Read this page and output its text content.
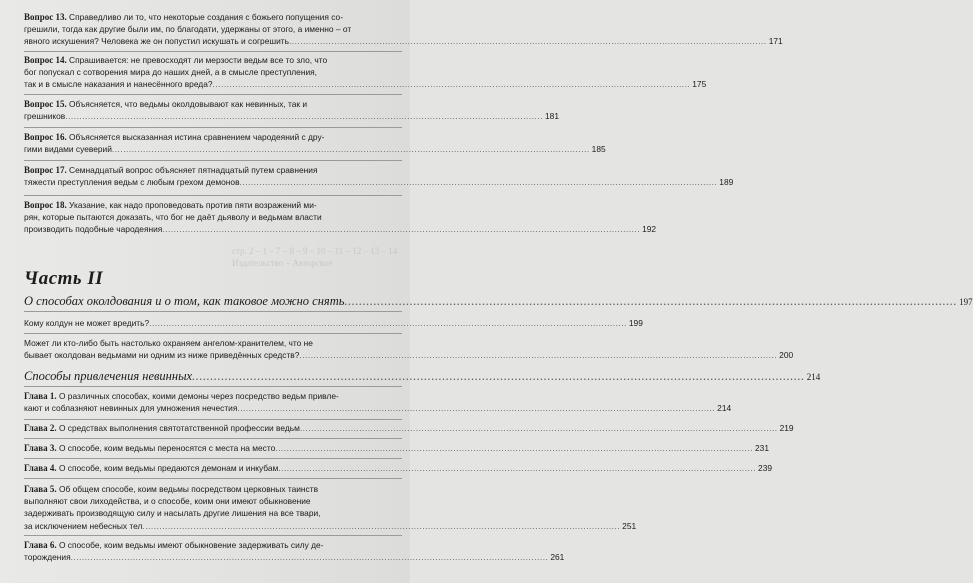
Вопрос 13. Справедливо ли то, что некоторые создания с божьего попущения со-
грешили, тогда как другие были им, по благодати, удержаны от этого, а именно – от
явного искушения? Человека же он попустил искушать и согрешить .....	171
Вопрос 14. Спрашивается: не превосходят ли мерзости ведьм все то зло, что
бог попускал с сотворения мира до наших дней, а в смысле преступления,
так и в смысле наказания и нанесённого вреда? .....	175
Вопрос 15. Объясняется, что ведьмы околдовывают как невинных, так и
грешников .....	181
Вопрос 16. Объясняется высказанная истина сравнением чародеяний с дру-
гими видами суеверий .....	185
Вопрос 17. Семнадцатый вопрос объясняет пятнадцатый путем сравнения
тяжести преступления ведьм с любым грехом демонов .....	189
Вопрос 18. Указание, как надо проповедовать против пяти возражений ми-
рян, которые пытаются доказать, что бог не даёт дьяволу и ведьмам власти
производить подобные чародеяния .....	192
стр. 2 – 1 – 7 – 8 – 9 – 10 – 11 – 12 – 13 – 14
Издательство – Авторское
Часть II
О способах околдования и о том, как таковое можно снять .....	197
Кому колдун не может вредить? .....	199
Может ли кто-либо быть настолько охраняем ангелом-хранителем, что не
бывает околдован ведьмами ни одним из ниже приведённых средств? .....	200
Способы привлечения невинных .....	214
Глава 1. О различных способах, коими демоны через посредство ведьм привле-
кают и соблазняют невинных для умножения нечестия .....	214
Глава 2. О средствах выполнения святотатственной профессии ведьм .....	219
Глава 3. О способе, коим ведьмы переносятся с места на место .....	231
Глава 4. О способе, коим ведьмы предаются демонам и инкубам .....	239
Глава 5. Об общем способе, коим ведьмы посредством церковных таинств
выполняют свои лиходейства, и о способе, коим они имеют обыкновение
задерживать производящую силу и насылать другие лишения на все твари,
за исключением небесных тел .....	251
Глава 6. О способе, коим ведьмы имеют обыкновение задерживать силу де-
торождения .....	261
